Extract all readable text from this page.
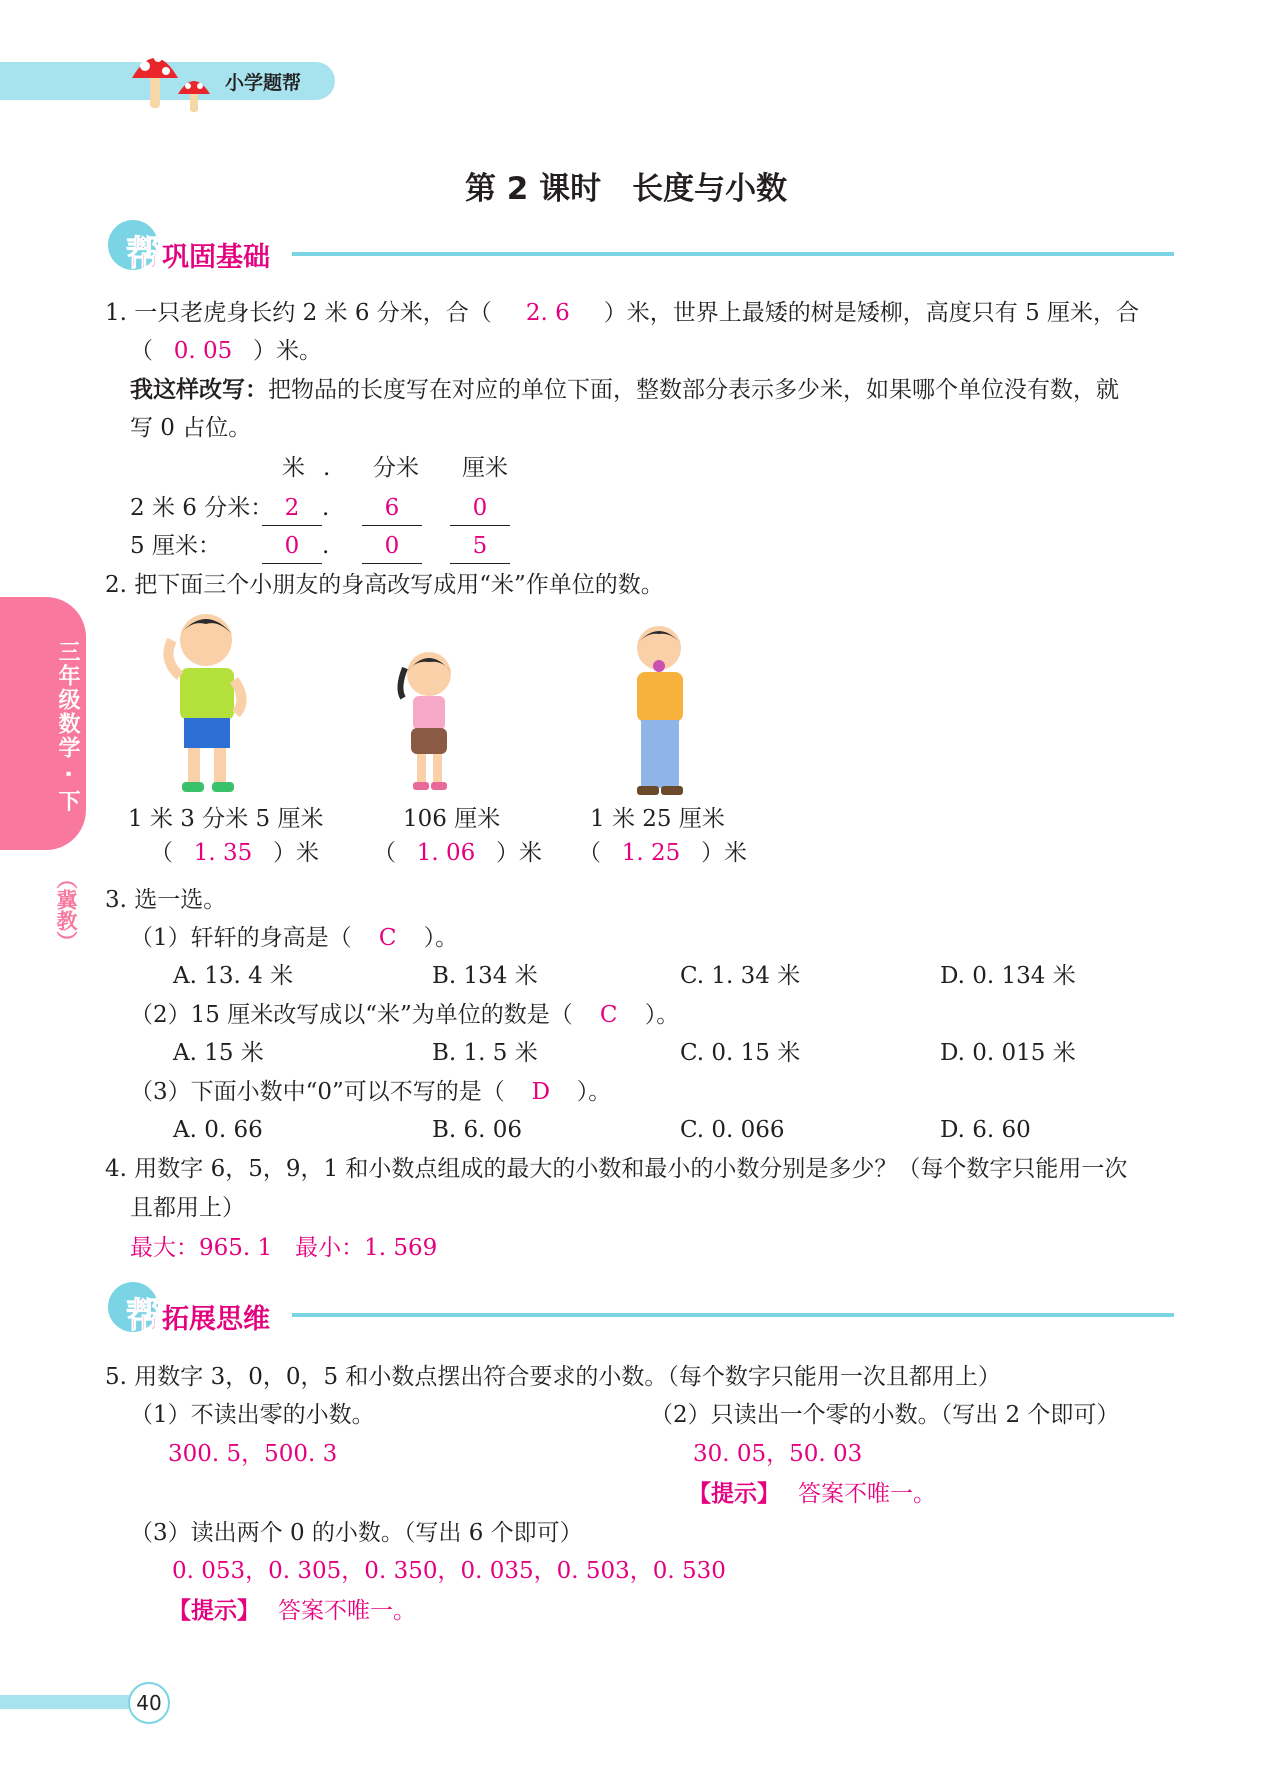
小学题帮
第 2 课时　长度与小数
帮巩固基础
1. 一只老虎身长约 2 米 6 分米，合（ 2. 6 ）米，世界上最矮的树是矮柳，高度只有 5 厘米，合
（ 0. 05 ）米。
我这样改写：把物品的长度写在对应的单位下面，整数部分表示多少米，如果哪个单位没有数，就
写 0 占位。
米 . 分米 厘米
2 米 6 分米： 2 . 6	0
5 厘米：	0 . 0	5
2. 把下面三个小朋友的身高改写成用“米”作单位的数。
1 米 3 分米 5 厘米	106 厘米	1 米 25 厘米
（ 1. 35 ）米 （ 1. 06 ）米 （ 1. 25 ）米
3. 选一选。
（1）轩轩的身高是（ C ）。
A. 13. 4 米	B. 134 米	C. 1. 34 米	D. 0. 134 米
（2）15 厘米改写成以“米”为单位的数是（ C ）。
A. 15 米	B. 1. 5 米	C. 0. 15 米	D. 0. 015 米
（3）下面小数中“0”可以不写的是（ D ）。
A. 0. 66	B. 6. 06	C. 0. 066	D. 6. 60
4. 用数字 6，5，9，1 和小数点组成的最大的小数和最小的小数分别是多少？（每个数字只能用一次
且都用上）
最大：965. 1　最小：1. 569
帮拓展思维
5. 用数字 3，0，0，5 和小数点摆出符合要求的小数。（每个数字只能用一次且都用上）
（1）不读出零的小数。	（2）只读出一个零的小数。（写出 2 个即可）
300. 5，500. 3	30. 05，50. 03
【提示】 答案不唯一。
（3）读出两个 0 的小数。（写出 6 个即可）
0. 053，0. 305，0. 350，0. 035，0. 503，0. 530
【提示】 答案不唯一。
三年级数学 · 下
（冀教）
40
